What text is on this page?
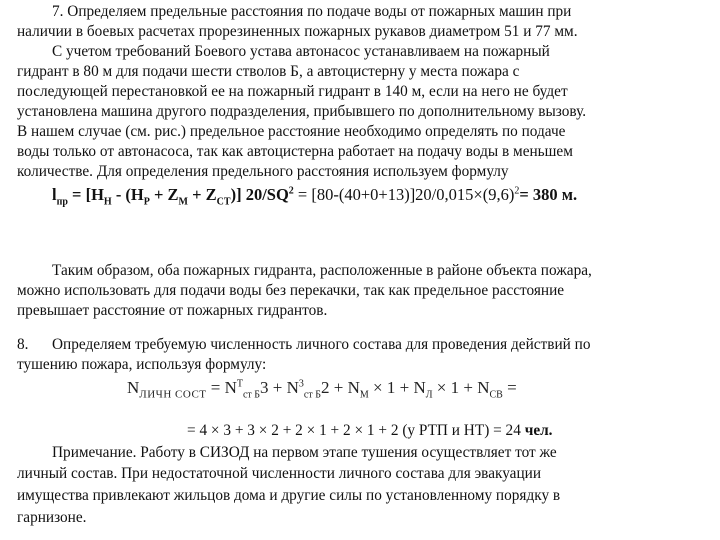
7. Определяем предельные расстояния по подаче воды от пожарных машин при
наличии в боевых расчетах прорезиненных пожарных рукавов диаметром 51 и 77 мм.
С учетом требований Боевого устава автонасос устанавливаем на пожарный
гидрант в 80 м для подачи шести стволов Б, а автоцистерну у места пожара с
последующей перестановкой ее на пожарный гидрант в 140 м, если на него не будет
установлена машина другого подразделения, прибывшего по дополнительному вызову.
В нашем случае (см. рис.) предельное расстояние необходимо определять по подаче
воды только от автонасоса, так как автоцистерна работает на подачу воды в меньшем
количестве. Для определения предельного расстояния используем формулу
$l_{пр} = [H_Н - (H_Р + Z_М + Z_{СТ})] 20/SQ^2 = [80-(40+0+13)]20/0,015\times(9,6)^2= 380$ м.
Таким образом, оба пожарных гидранта, расположенные в районе объекта пожара,
можно использовать для подачи воды без перекачки, так как предельное расстояние
превышает расстояние от пожарных гидрантов.
8. Определяем требуемую численность личного состава для проведения действий по
тушению пожара, используя формулу:
$N_{ЛИЧН СОСТ} = N^Т_{ст Б}3 + N^3_{ст Б}2 + N_М \times 1 + N_Л \times 1 + N_{СВ}$ =
= 4 × 3 + 3 × 2 + 2 × 1 + 2 × 1 + 2 (у РТП и НТ) = 24 чел.
Примечание. Работу в СИЗОД на первом этапе тушения осуществляет тот же
личный состав. При недостаточной численности личного состава для эвакуации
имущества привлекают жильцов дома и другие силы по установленному порядку в
гарнизоне.
